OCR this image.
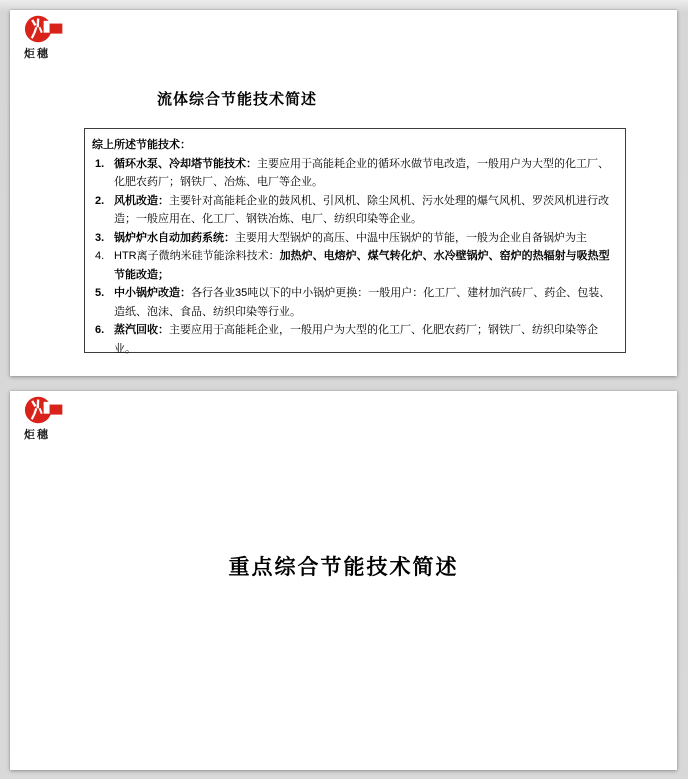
炬穗
流体综合节能技术简述
综上所述节能技术：
1. 循环水泵、冷却塔节能技术：主要应用于高能耗企业的循环水做节电改造，一般用户为大型的化工厂、化肥农药厂；钢铁厂、冶炼、电厂等企业。
2. 风机改造：主要针对高能耗企业的鼓风机、引风机、除尘风机、污水处理的爆气风机、罗茨风机进行改造；一般应用在、化工厂、钢铁冶炼、电厂、纺织印染等企业。
3. 锅炉炉水自动加药系统：主要用大型锅炉的高压、中温中压锅炉的节能，一般为企业自备锅炉为主
4. HTR离子微纳米硅节能涂料技术：加热炉、电熔炉、煤气转化炉、水冷壁锅炉、窑炉的热辐射与吸热型节能改造；
5. 中小锅炉改造：各行各业35吨以下的中小锅炉更换：一般用户：化工厂、建材加汽砖厂、药企、包装、造纸、泡沫、食品、纺织印染等行业。
6. 蒸汽回收：主要应用于高能耗企业，一般用户为大型的化工厂、化肥农药厂；钢铁厂、纺织印染等企业。
炬穗
重点综合节能技术简述
